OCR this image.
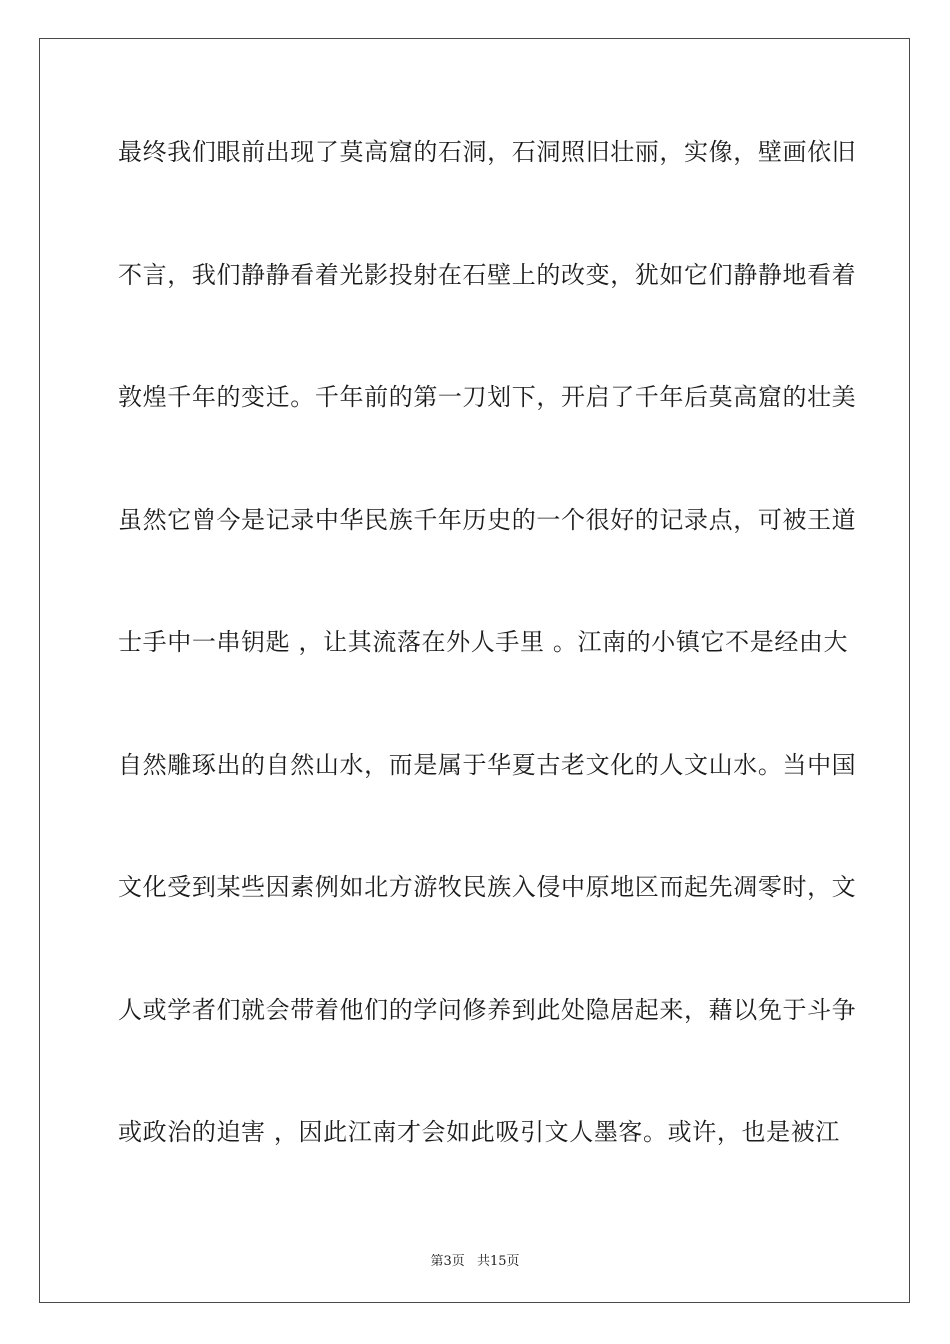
最 终 我 们 眼 前 出 现 了 莫 高 窟 的 石 洞 ， 石 洞 照 旧 壮 丽 ， 实 像 ， 壁 画 依 旧
不 言 ， 我 们 静 静 看 着 光 影 投 射 在 石 壁 上 的 改 变 ， 犹 如 它 们 静 静 地 看 着
敦 煌 千 年 的 变 迁 。 千 年 前 的 第 一 刀 划 下 ， 开 启 了 千 年 后 莫 高 窟 的 壮 美
虽 然 它 曾 今 是 记 录 中 华 民 族 千 年 历 史 的 一 个 很 好 的 记 录 点 ， 可 被 王 道
士 手 中 一 串 钥 匙
， 让 其 流 落 在 外 人 手 里
。 江 南 的 小 镇 它 不 是 经 由 大
自 然 雕 琢 出 的 自 然 山 水 ， 而 是 属 于 华 夏 古 老 文 化 的 人 文 山 水 。 当 中 国
文 化 受 到 某 些 因 素 例 如 北 方 游 牧 民 族 入 侵 中 原 地 区 而 起 先 凋 零 时 ， 文
人 或 学 者 们 就 会 带 着 他 们 的 学 问 修 养 到 此 处 隐 居 起 来 ， 藉 以 免 于 斗 争
或 政 治 的 迫 害
， 因 此 江 南 才 会 如 此 吸 引 文 人 墨 客 。 或 许 ， 也 是 被 江
第3页 共15页
